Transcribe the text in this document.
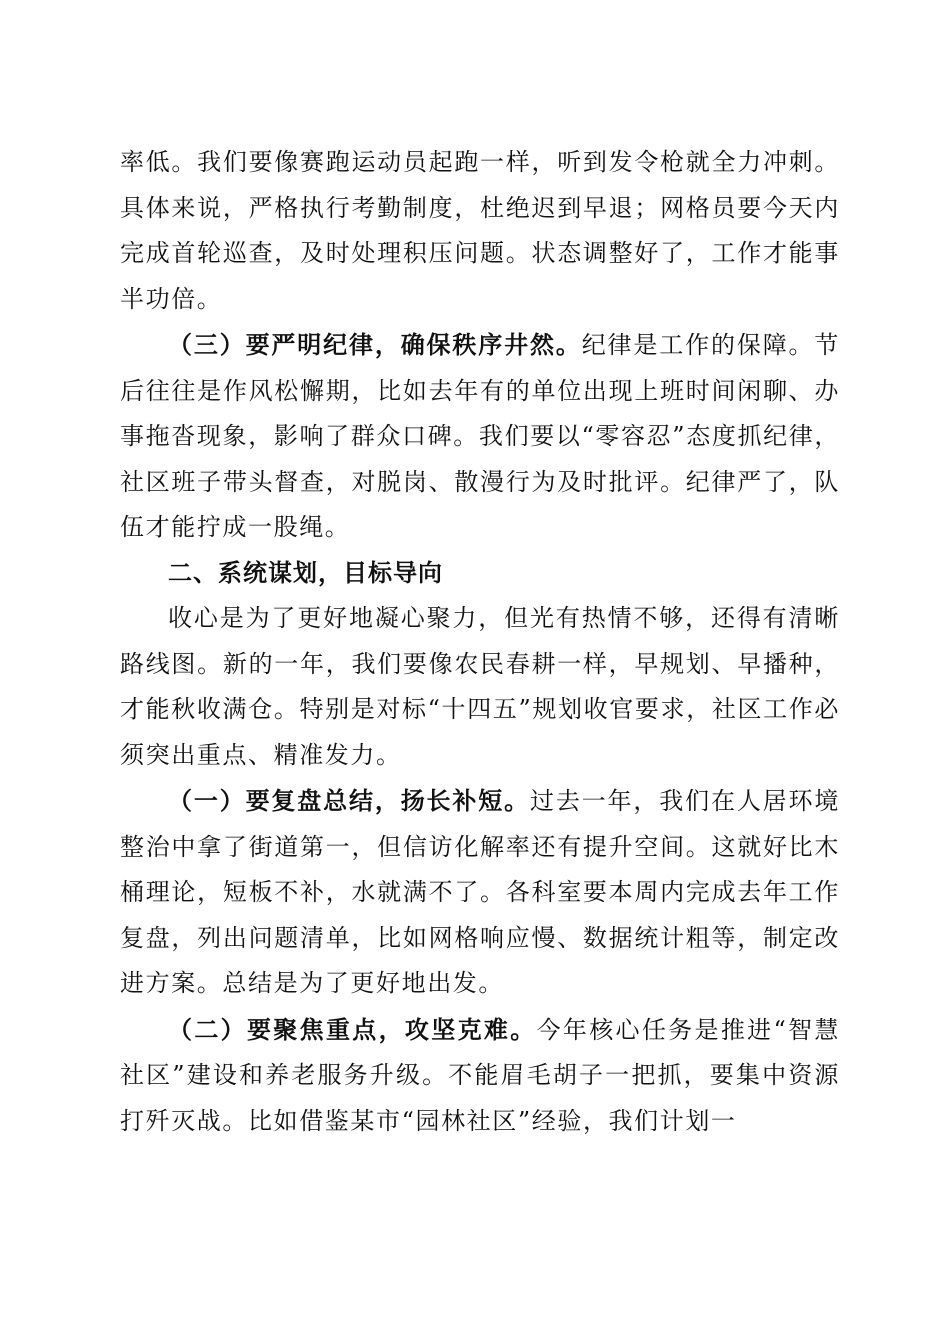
率低。我们要像赛跑运动员起跑一样，听到发令枪就全力冲刺。具体来说，严格执行考勤制度，杜绝迟到早退；网格员要今天内完成首轮巡查，及时处理积压问题。状态调整好了，工作才能事半功倍。

（三）要严明纪律，确保秩序井然。纪律是工作的保障。节后往往是作风松懈期，比如去年有的单位出现上班时间闲聊、办事拖沓现象，影响了群众口碑。我们要以“零容忍”态度抓纪律，社区班子带头督查，对脱岗、散漫行为及时批评。纪律严了，队伍才能拧成一股绳。

二、系统谋划，目标导向

收心是为了更好地凝心聚力，但光有热情不够，还得有清晰路线图。新的一年，我们要像农民春耕一样，早规划、早播种，才能秋收满仓。特别是对标“十四五”规划收官要求，社区工作必须突出重点、精准发力。

（一）要复盘总结，扬长补短。过去一年，我们在人居环境整治中拿了街道第一，但信访化解率还有提升空间。这就好比木桶理论，短板不补，水就满不了。各科室要本周内完成去年工作复盘，列出问题清单，比如网格响应慢、数据统计粗等，制定改进方案。总结是为了更好地出发。

（二）要聚焦重点，攻坚克难。今年核心任务是推进“智慧社区”建设和养老服务升级。不能眉毛胡子一把抓，要集中资源打歼灭战。比如借鉴某市“园林社区”经验，我们计划一
